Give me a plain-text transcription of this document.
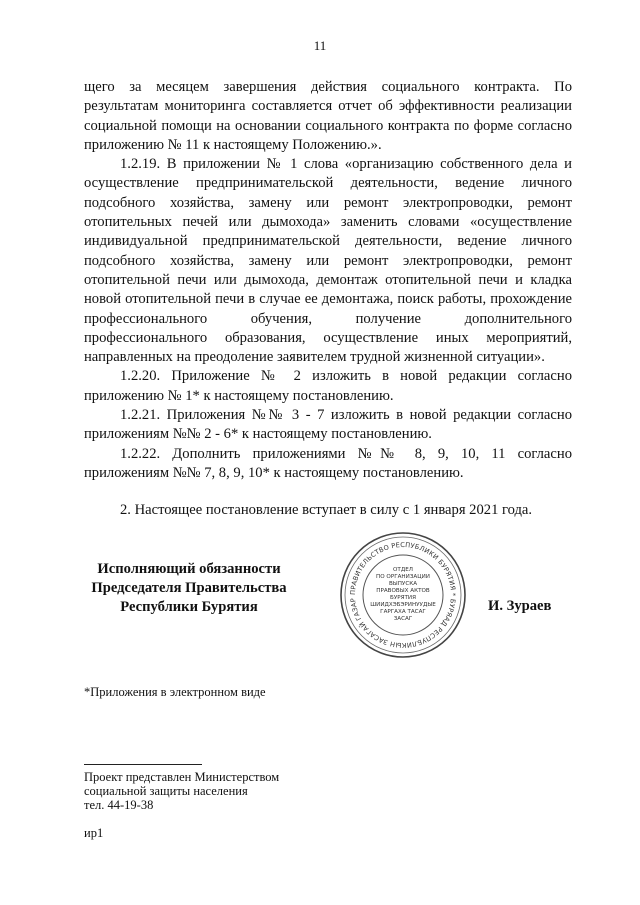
11

щего за месяцем завершения действия социального контракта. По результатам мониторинга составляется отчет об эффективности реализации социальной помощи на основании социального контракта по форме согласно приложению № 11 к настоящему Положению.».

1.2.19. В приложении № 1 слова «организацию собственного дела и осуществление предпринимательской деятельности, ведение личного подсобного хозяйства, замену или ремонт электропроводки, ремонт отопительных печей или дымохода» заменить словами «осуществление индивидуальной предпринимательской деятельности, ведение личного подсобного хозяйства, замену или ремонт электропроводки, ремонт отопительной печи или дымохода, демонтаж отопительной печи и кладка новой отопительной печи в случае ее демонтажа, поиск работы, прохождение профессионального обучения, получение дополнительного профессионального образования, осуществление иных мероприятий, направленных на преодоление заявителем трудной жизненной ситуации».

1.2.20. Приложение № 2 изложить в новой редакции согласно приложению № 1* к настоящему постановлению.

1.2.21. Приложения №№ 3 - 7 изложить в новой редакции согласно приложениям №№ 2 - 6* к настоящему постановлению.

1.2.22. Дополнить приложениями №№ 8, 9, 10, 11 согласно приложениям №№ 7, 8, 9, 10* к настоящему постановлению.

2. Настоящее постановление вступает в силу с 1 января 2021 года.

Исполняющий обязанности
Председателя Правительства
Республики Бурятия
ПРАВИТЕЛЬСТВО РЕСПУБЛИКИ БУРЯТИЯ * БУРЯАД РЕСПУБЛИКЫН ЗАСАГАЙ ГАЗАР
ОТДЕЛ
ПО ОРГАНИЗАЦИИ
ВЫПУСКА
ПРАВОВЫХ АКТОВ
БУРЯТИЯ
ШИИДХЭБЭРИНУУДЫЕ
ГАРГАХА ТАСАГ
ЗАСАГ
И. Зураев
*Приложения в электронном виде
Проект представлен Министерством
социальной защиты населения
тел. 44-19-38
ир1
